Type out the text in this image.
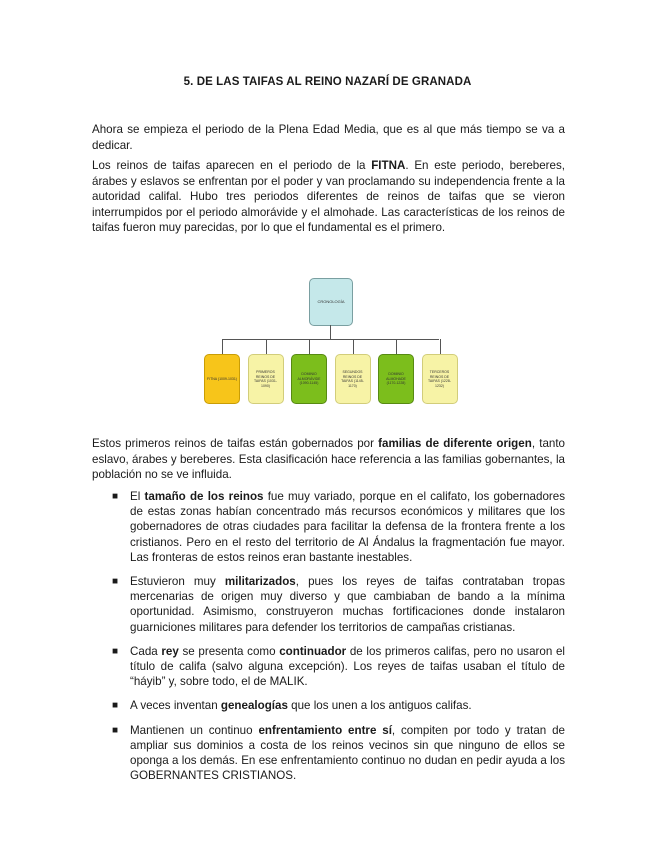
5. DE LAS TAIFAS AL REINO NAZARÍ DE GRANADA
Ahora se empieza el periodo de la Plena Edad Media, que es al que más tiempo se va a dedicar.
Los reinos de taifas aparecen en el periodo de la FITNA. En este periodo, bereberes, árabes y eslavos se enfrentan por el poder y van proclamando su independencia frente a la autoridad califal. Hubo tres periodos diferentes de reinos de taifas que se vieron interrumpidos por el periodo almorávide y el almohade. Las características de los reinos de taifas fueron muy parecidas, por lo que el fundamental es el primero.
CRONOLOGÍA
FITNA (1009-1031)
PRIMEROS REINOS DE TAIFAS (1031-1090)
DOMINIO ALMORÁVIDE (1090-1145)
SEGUNDOS REINOS DE TAIFAS (1145-1170)
DOMINIO ALMOHADE (1170-1228)
TERCEROS REINOS DE TAIFAS (1228-1232)
Estos primeros reinos de taifas están gobernados por familias de diferente origen, tanto eslavo, árabes y bereberes. Esta clasificación hace referencia a las familias gobernantes, la población no se ve influida.
■ El tamaño de los reinos fue muy variado, porque en el califato, los gobernadores de estas zonas habían concentrado más recursos económicos y militares que los gobernadores de otras ciudades para facilitar la defensa de la frontera frente a los cristianos. Pero en el resto del territorio de Al Ándalus la fragmentación fue mayor. Las fronteras de estos reinos eran bastante inestables.
■ Estuvieron muy militarizados, pues los reyes de taifas contrataban tropas mercenarias de origen muy diverso y que cambiaban de bando a la mínima oportunidad. Asimismo, construyeron muchas fortificaciones donde instalaron guarniciones militares para defender los territorios de campañas cristianas.
■ Cada rey se presenta como continuador de los primeros califas, pero no usaron el título de califa (salvo alguna excepción). Los reyes de taifas usaban el título de “háyib” y, sobre todo, el de MALIK.
■ A veces inventan genealogías que los unen a los antiguos califas.
■ Mantienen un continuo enfrentamiento entre sí, compiten por todo y tratan de ampliar sus dominios a costa de los reinos vecinos sin que ninguno de ellos se oponga a los demás. En ese enfrentamiento continuo no dudan en pedir ayuda a los GOBERNANTES CRISTIANOS.
